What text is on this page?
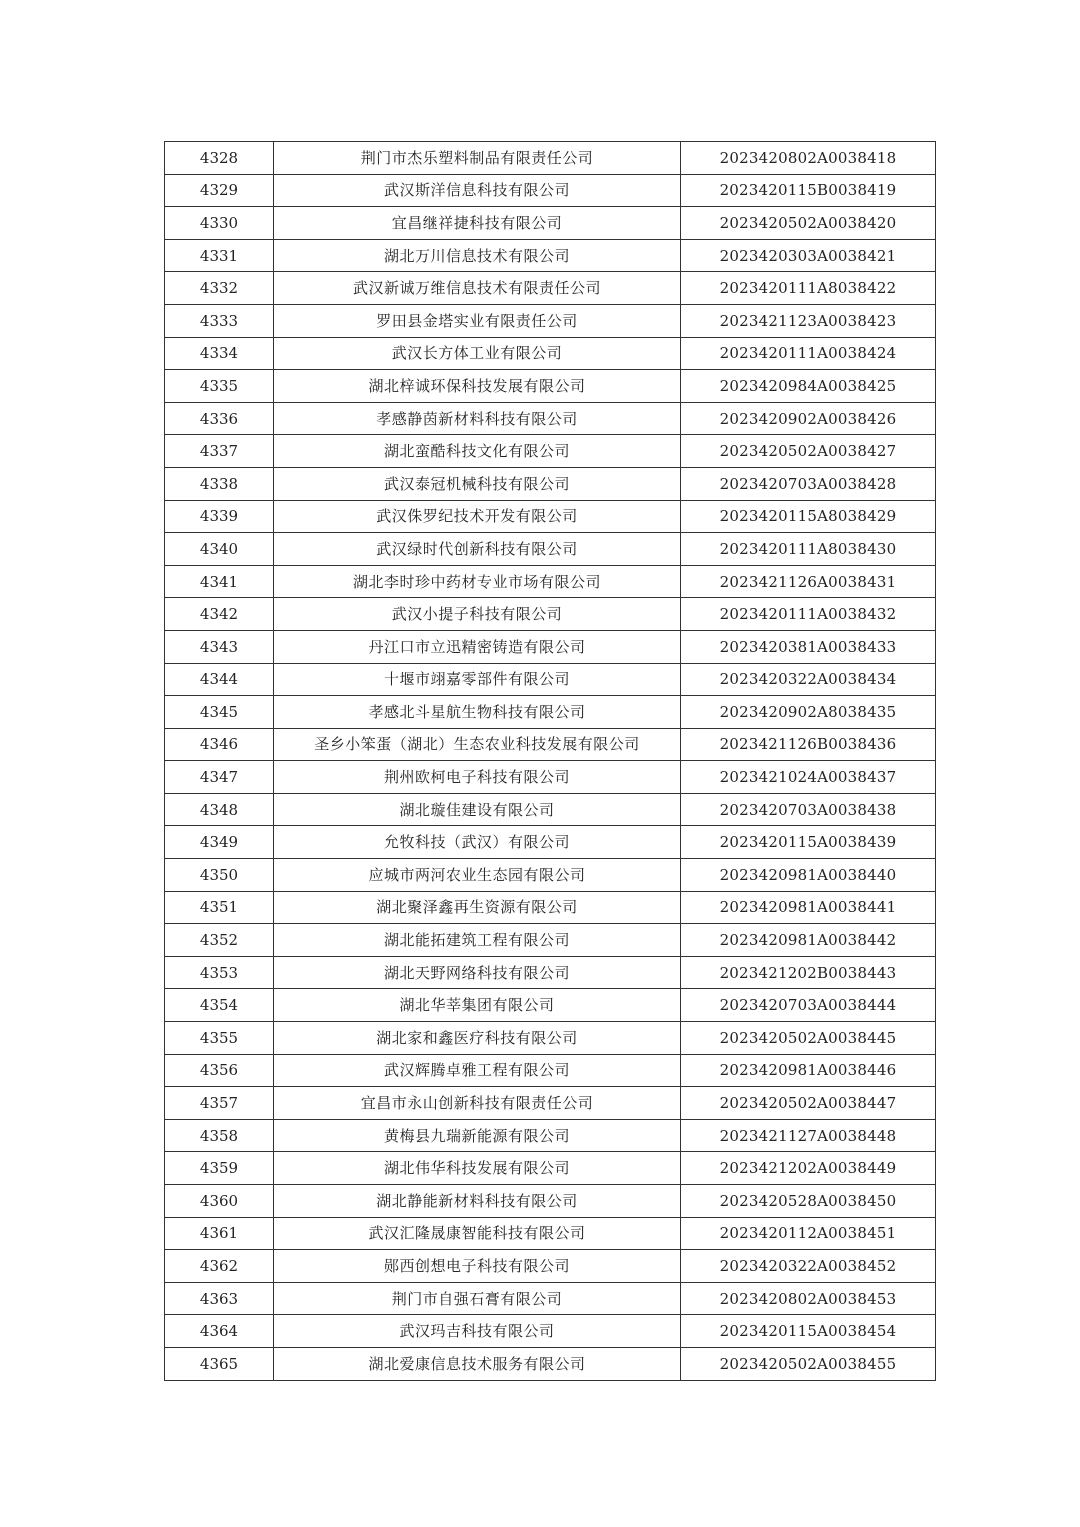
4328	荆门市杰乐塑料制品有限责任公司	2023420802A0038418
4329	武汉斯洋信息科技有限公司	2023420115B0038419
4330	宜昌继祥捷科技有限公司	2023420502A0038420
4331	湖北万川信息技术有限公司	2023420303A0038421
4332	武汉新诚万维信息技术有限责任公司	2023420111A8038422
4333	罗田县金塔实业有限责任公司	2023421123A0038423
4334	武汉长方体工业有限公司	2023420111A0038424
4335	湖北梓诚环保科技发展有限公司	2023420984A0038425
4336	孝感静茵新材料科技有限公司	2023420902A0038426
4337	湖北蛮酷科技文化有限公司	2023420502A0038427
4338	武汉泰冠机械科技有限公司	2023420703A0038428
4339	武汉侏罗纪技术开发有限公司	2023420115A8038429
4340	武汉绿时代创新科技有限公司	2023420111A8038430
4341	湖北李时珍中药材专业市场有限公司	2023421126A0038431
4342	武汉小提子科技有限公司	2023420111A0038432
4343	丹江口市立迅精密铸造有限公司	2023420381A0038433
4344	十堰市翊嘉零部件有限公司	2023420322A0038434
4345	孝感北斗星航生物科技有限公司	2023420902A8038435
4346	圣乡小笨蛋（湖北）生态农业科技发展有限公司	2023421126B0038436
4347	荆州欧柯电子科技有限公司	2023421024A0038437
4348	湖北璇佳建设有限公司	2023420703A0038438
4349	允牧科技（武汉）有限公司	2023420115A0038439
4350	应城市两河农业生态园有限公司	2023420981A0038440
4351	湖北聚泽鑫再生资源有限公司	2023420981A0038441
4352	湖北能拓建筑工程有限公司	2023420981A0038442
4353	湖北天野网络科技有限公司	2023421202B0038443
4354	湖北华莘集团有限公司	2023420703A0038444
4355	湖北家和鑫医疗科技有限公司	2023420502A0038445
4356	武汉辉腾卓雅工程有限公司	2023420981A0038446
4357	宜昌市永山创新科技有限责任公司	2023420502A0038447
4358	黄梅县九瑞新能源有限公司	2023421127A0038448
4359	湖北伟华科技发展有限公司	2023421202A0038449
4360	湖北静能新材料科技有限公司	2023420528A0038450
4361	武汉汇隆晟康智能科技有限公司	2023420112A0038451
4362	郧西创想电子科技有限公司	2023420322A0038452
4363	荆门市自强石膏有限公司	2023420802A0038453
4364	武汉玛吉科技有限公司	2023420115A0038454
4365	湖北爱康信息技术服务有限公司	2023420502A0038455
